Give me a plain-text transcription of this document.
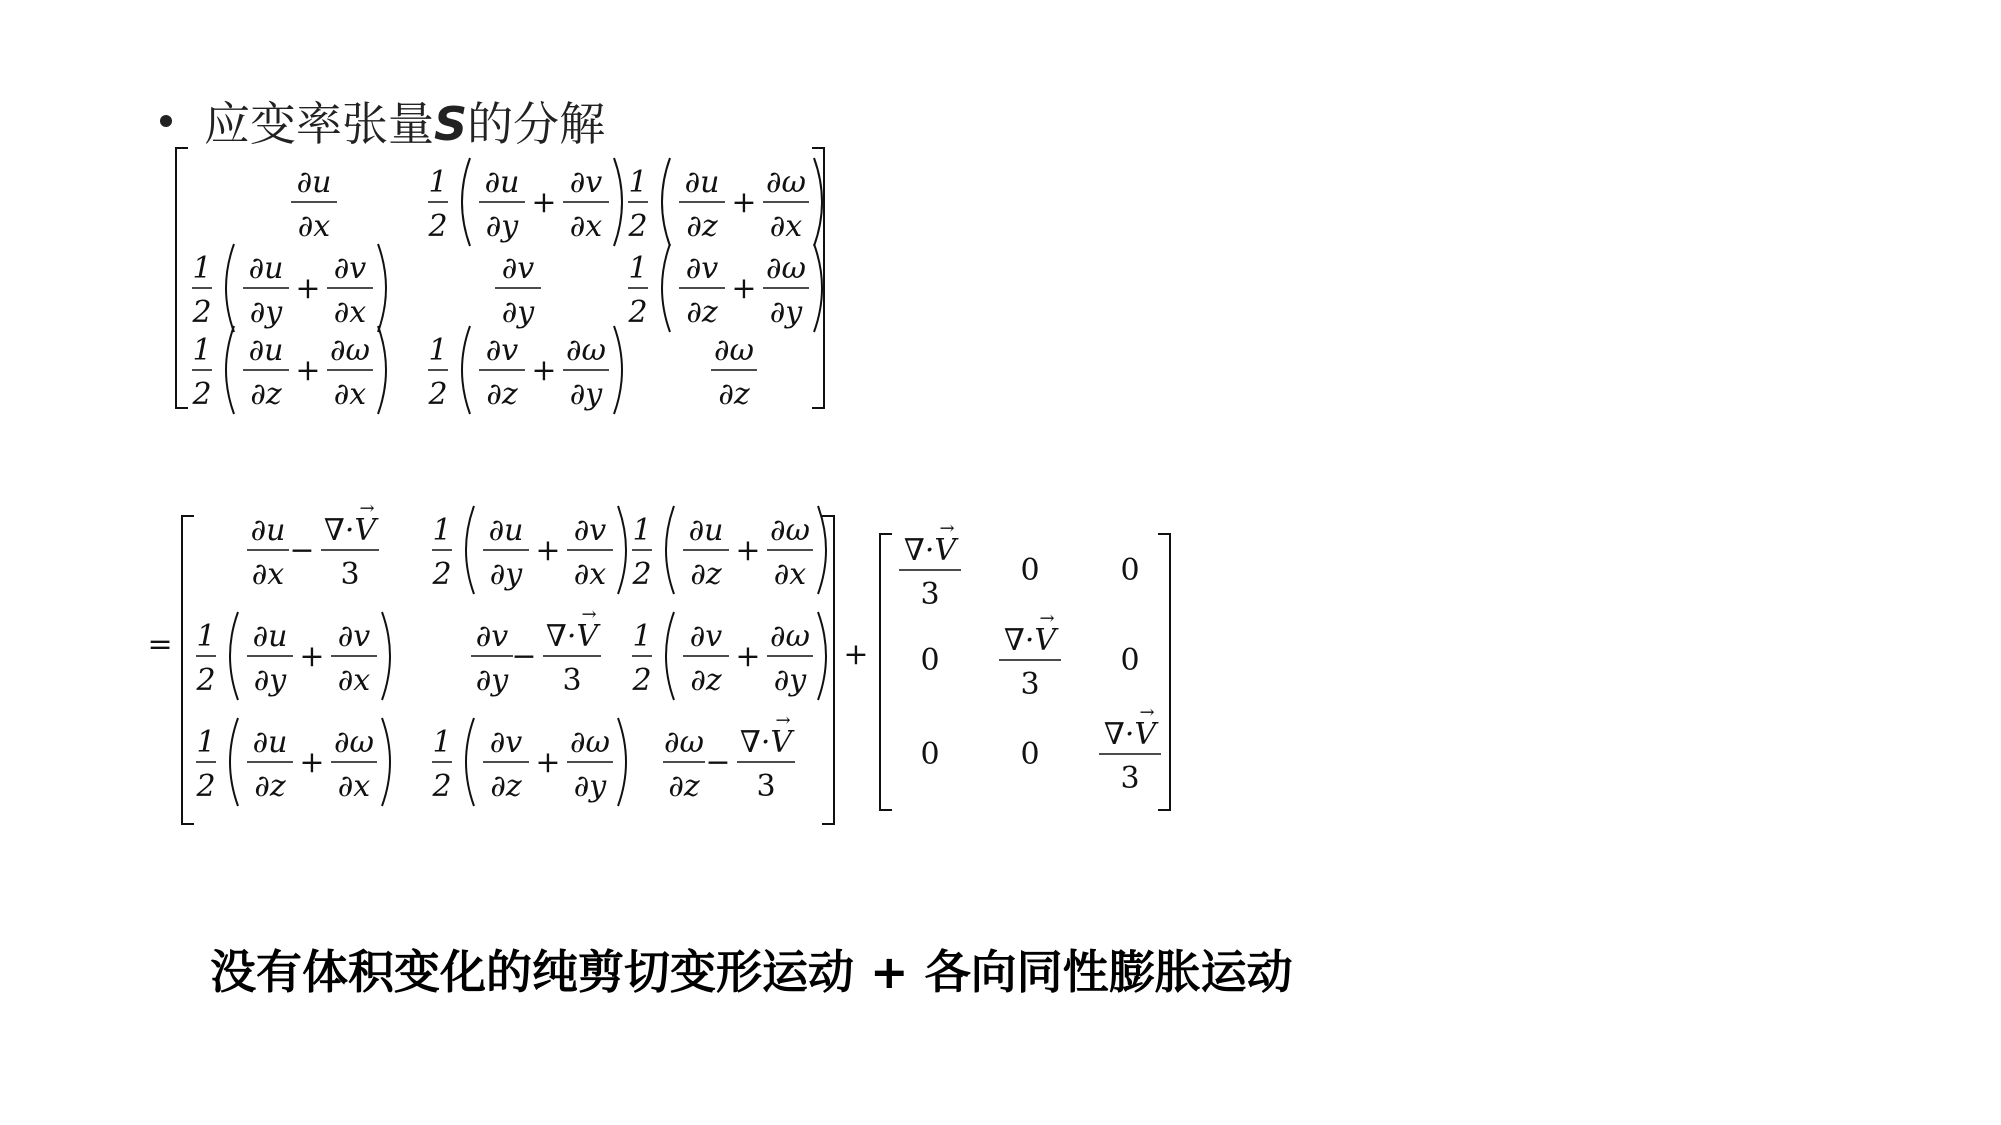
应变率张量S的分解
∂u
∂x
1
2
∂u
∂y
+
∂v
∂x
1
2
∂u
∂z
+
∂ω
∂x
1
2
∂u
∂y
+
∂v
∂x
∂v
∂y
1
2
∂v
∂z
+
∂ω
∂y
1
2
∂u
∂z
+
∂ω
∂x
1
2
∂v
∂z
+
∂ω
∂y
∂ω
∂z
=
∂u
∂x
−
∇·V
→
3
1
2
∂u
∂y
+
∂v
∂x
1
2
∂u
∂z
+
∂ω
∂x
1
2
∂u
∂y
+
∂v
∂x
∂v
∂y
−
∇·V
→
3
1
2
∂v
∂z
+
∂ω
∂y
1
2
∂u
∂z
+
∂ω
∂x
1
2
∂v
∂z
+
∂ω
∂y
∂ω
∂z
−
∇·V
→
3
+
∇·V
→
3
0	0
0
∇·V
→
3
0
0	0
∇·V
→
3
没有体积变化的纯剪切变形运动 + 各向同性膨胀运动
